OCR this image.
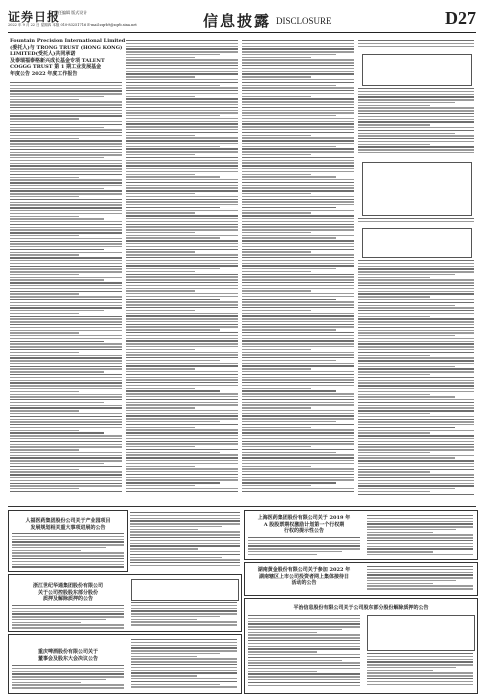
证券日报
责任编辑 版式设计
2022 年 9 月 22 日 星期四 本版 010-83251716 E-mail:zqrb9@zqrb.sina.net	信息披露 DISCLOSURE	D27
Fountain Precision International Limited
(委托人)与 TRONG TRUST (HONG KONG)
LIMITED(受托人)共同承诺
及泰瑞福泰格新兴成长基金专项 TALENT
COGGG TRUST 第 1 期工业发展基金
年度公告 2022 年度工作报告
人福医药集团股份公司关于产业园项目
发展规划相关重大事项进展的公告
浙江世纪华通集团股份有限公司
关于公司控股股东部分股份
质押及解除质押的公告
重庆啤酒股份有限公司关于
董事会及股东大会决议公告
上海医药集团股份有限公司关于 2019 年
A 股股票期权激励计划第一个行权期
行权的提示性公告
湖南黄金股份有限公司关于参加 2022 年
湖南辖区上市公司投资者网上集体接待日
活动的公告
平治信息股份有限公司关于公司股东部分股份解除质押的公告
